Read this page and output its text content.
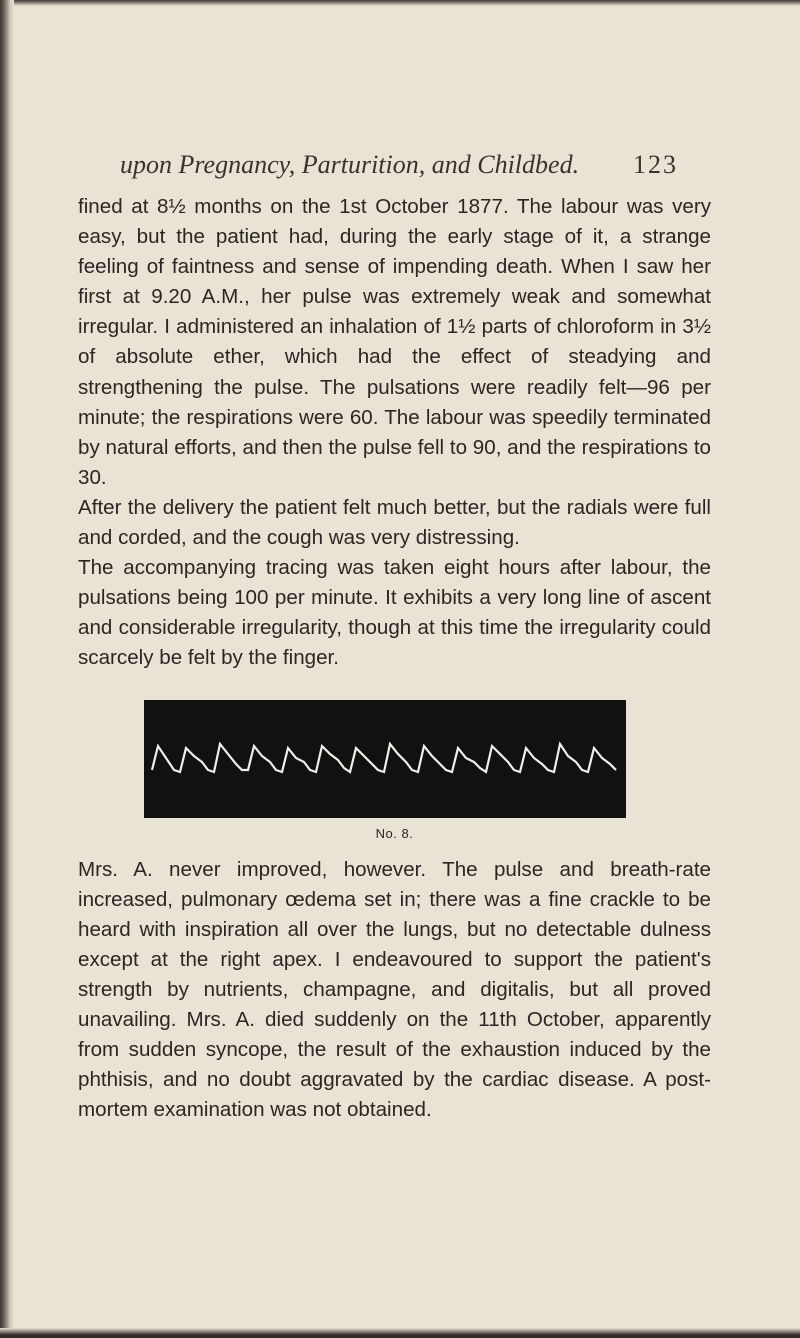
upon Pregnancy, Parturition, and Childbed. 123

fined at 8½ months on the 1st October 1877. The labour was very easy, but the patient had, during the early stage of it, a strange feeling of faintness and sense of impending death. When I saw her first at 9.20 A.M., her pulse was extremely weak and somewhat irregular. I administered an inhalation of 1½ parts of chloroform in 3½ of absolute ether, which had the effect of steadying and strengthening the pulse. The pulsations were readily felt—96 per minute; the respirations were 60. The labour was speedily terminated by natural efforts, and then the pulse fell to 90, and the respirations to 30.

After the delivery the patient felt much better, but the radials were full and corded, and the cough was very distressing.

The accompanying tracing was taken eight hours after labour, the pulsations being 100 per minute. It exhibits a very long line of ascent and considerable irregularity, though at this time the irregularity could scarcely be felt by the finger.

No. 8.

Mrs. A. never improved, however. The pulse and breath-rate increased, pulmonary œdema set in; there was a fine crackle to be heard with inspiration all over the lungs, but no detectable dulness except at the right apex. I endeavoured to support the patient's strength by nutrients, champagne, and digitalis, but all proved unavailing. Mrs. A. died suddenly on the 11th October, apparently from sudden syncope, the result of the exhaustion induced by the phthisis, and no doubt aggravated by the cardiac disease. A post-mortem examination was not obtained.
